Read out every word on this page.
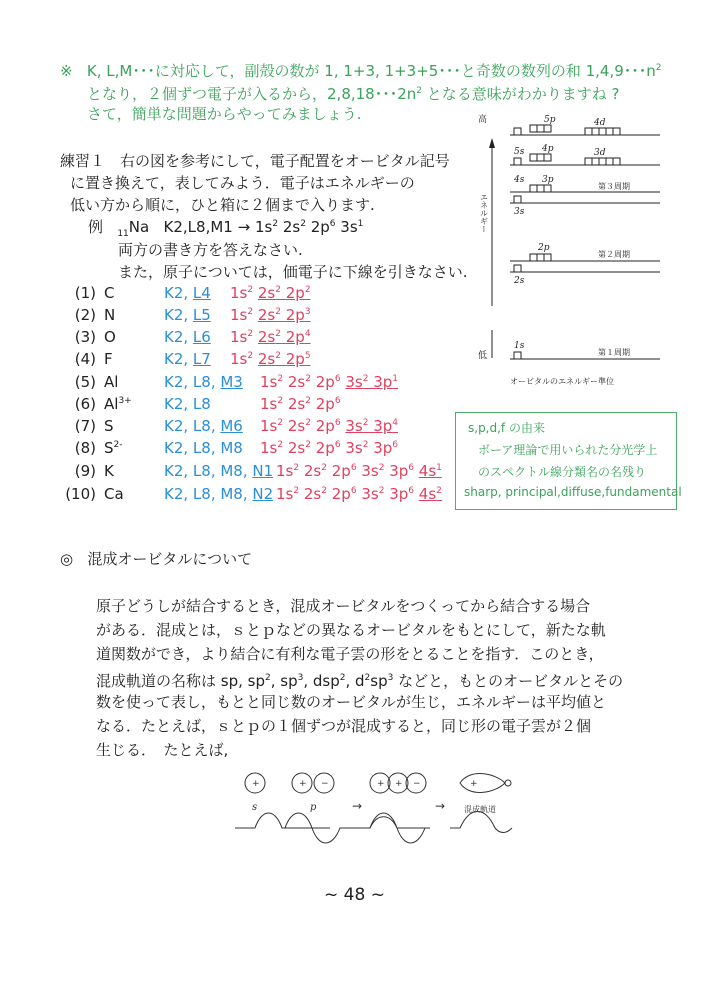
※ K, L,M･･･に対応して，副殻の数が 1, 1+3, 1+3+5･･･と奇数の数列の和 1,4,9･･･$n^2$
となり，２個ずつ電子が入るから，2,8,18･･･$2n^2$ となる意味がわかりますね ?
さて，簡単な問題からやってみましょう.
練習１　右の図を参考にして，電子配置をオービタル記号
に置き換えて，表してみよう．電子はエネルギーの
低い方から順に，ひと箱に２個まで入ります.
例 $_{11}$Na $K2,L8,M1 \to 1s^2$ $2s^2$ $2p^6$ $3s^1$
両方の書き方を答えなさい.
また，原子については，価電子に下線を引きなさい.
(1) C	K2, L4 $1s^2$ $2s^2$ $2p^2$
(2) N	K2, L5 $1s^2$ $2s^2$ $2p^3$
(3) O	K2, L6 $1s^2$ $2s^2$ $2p^4$
(4) F	K2, L7 $1s^2$ $2s^2$ $2p^5$
(5) Al	K2, L8, M3 $1s^2$ $2s^2$ $2p^6$ $3s^2$ $3p^1$
(6) $Al^{3+}$ K2, L8	$1s^2$ $2s^2$ $2p^6$
(7) S	K2, L8, M6 $1s^2$ $2s^2$ $2p^6$ $3s^2$ $3p^4$
(8) $S^{2-}$	K2, L8, M8 $1s^2$ $2s^2$ $2p^6$ $3s^2$ $3p^6$
(9) K	K2, L8, M8, N1 $1s^2$ $2s^2$ $2p^6$ $3s^2$ $3p^6$ $4s^1$
(10) Ca	K2, L8, M8, N2 $1s^2$ $2s^2$ $2p^6$ $3s^2$ $3p^6$ $4s^2$
高
低
エネルギー
5p	4d
5s 4p	3d
4s 3p
3s
2p
2s
1s
第３周期
第２周期
第１周期
オービタルのエネルギー準位
s,p,d,f の由来
ボーア理論で用いられた分光学上
のスペクトル線分類名の名残り
sharp, principal,diffuse,fundamental
◎ 混成オービタルについて
原子どうしが結合するとき，混成オービタルをつくってから結合する場合
がある．混成とは，ｓとｐなどの異なるオービタルをもとにして，新たな軌
道関数ができ，より結合に有利な電子雲の形をとることを指す．このとき，
混成軌道の名称は sp, $sp^2$, $sp^3$, dsp$^2$, $d^2sp^3$ などと，もとのオービタルとその
数を使って表し，もとと同じ数のオービタルが生じ，エネルギーは平均値と
なる．たとえば，ｓとｐの１個ずつが混成すると，同じ形の電子雲が２個
生じる．　たとえば,
+	+ −	+ + −	+
→	→ 混成軌道
s	p
~ 48 ~
